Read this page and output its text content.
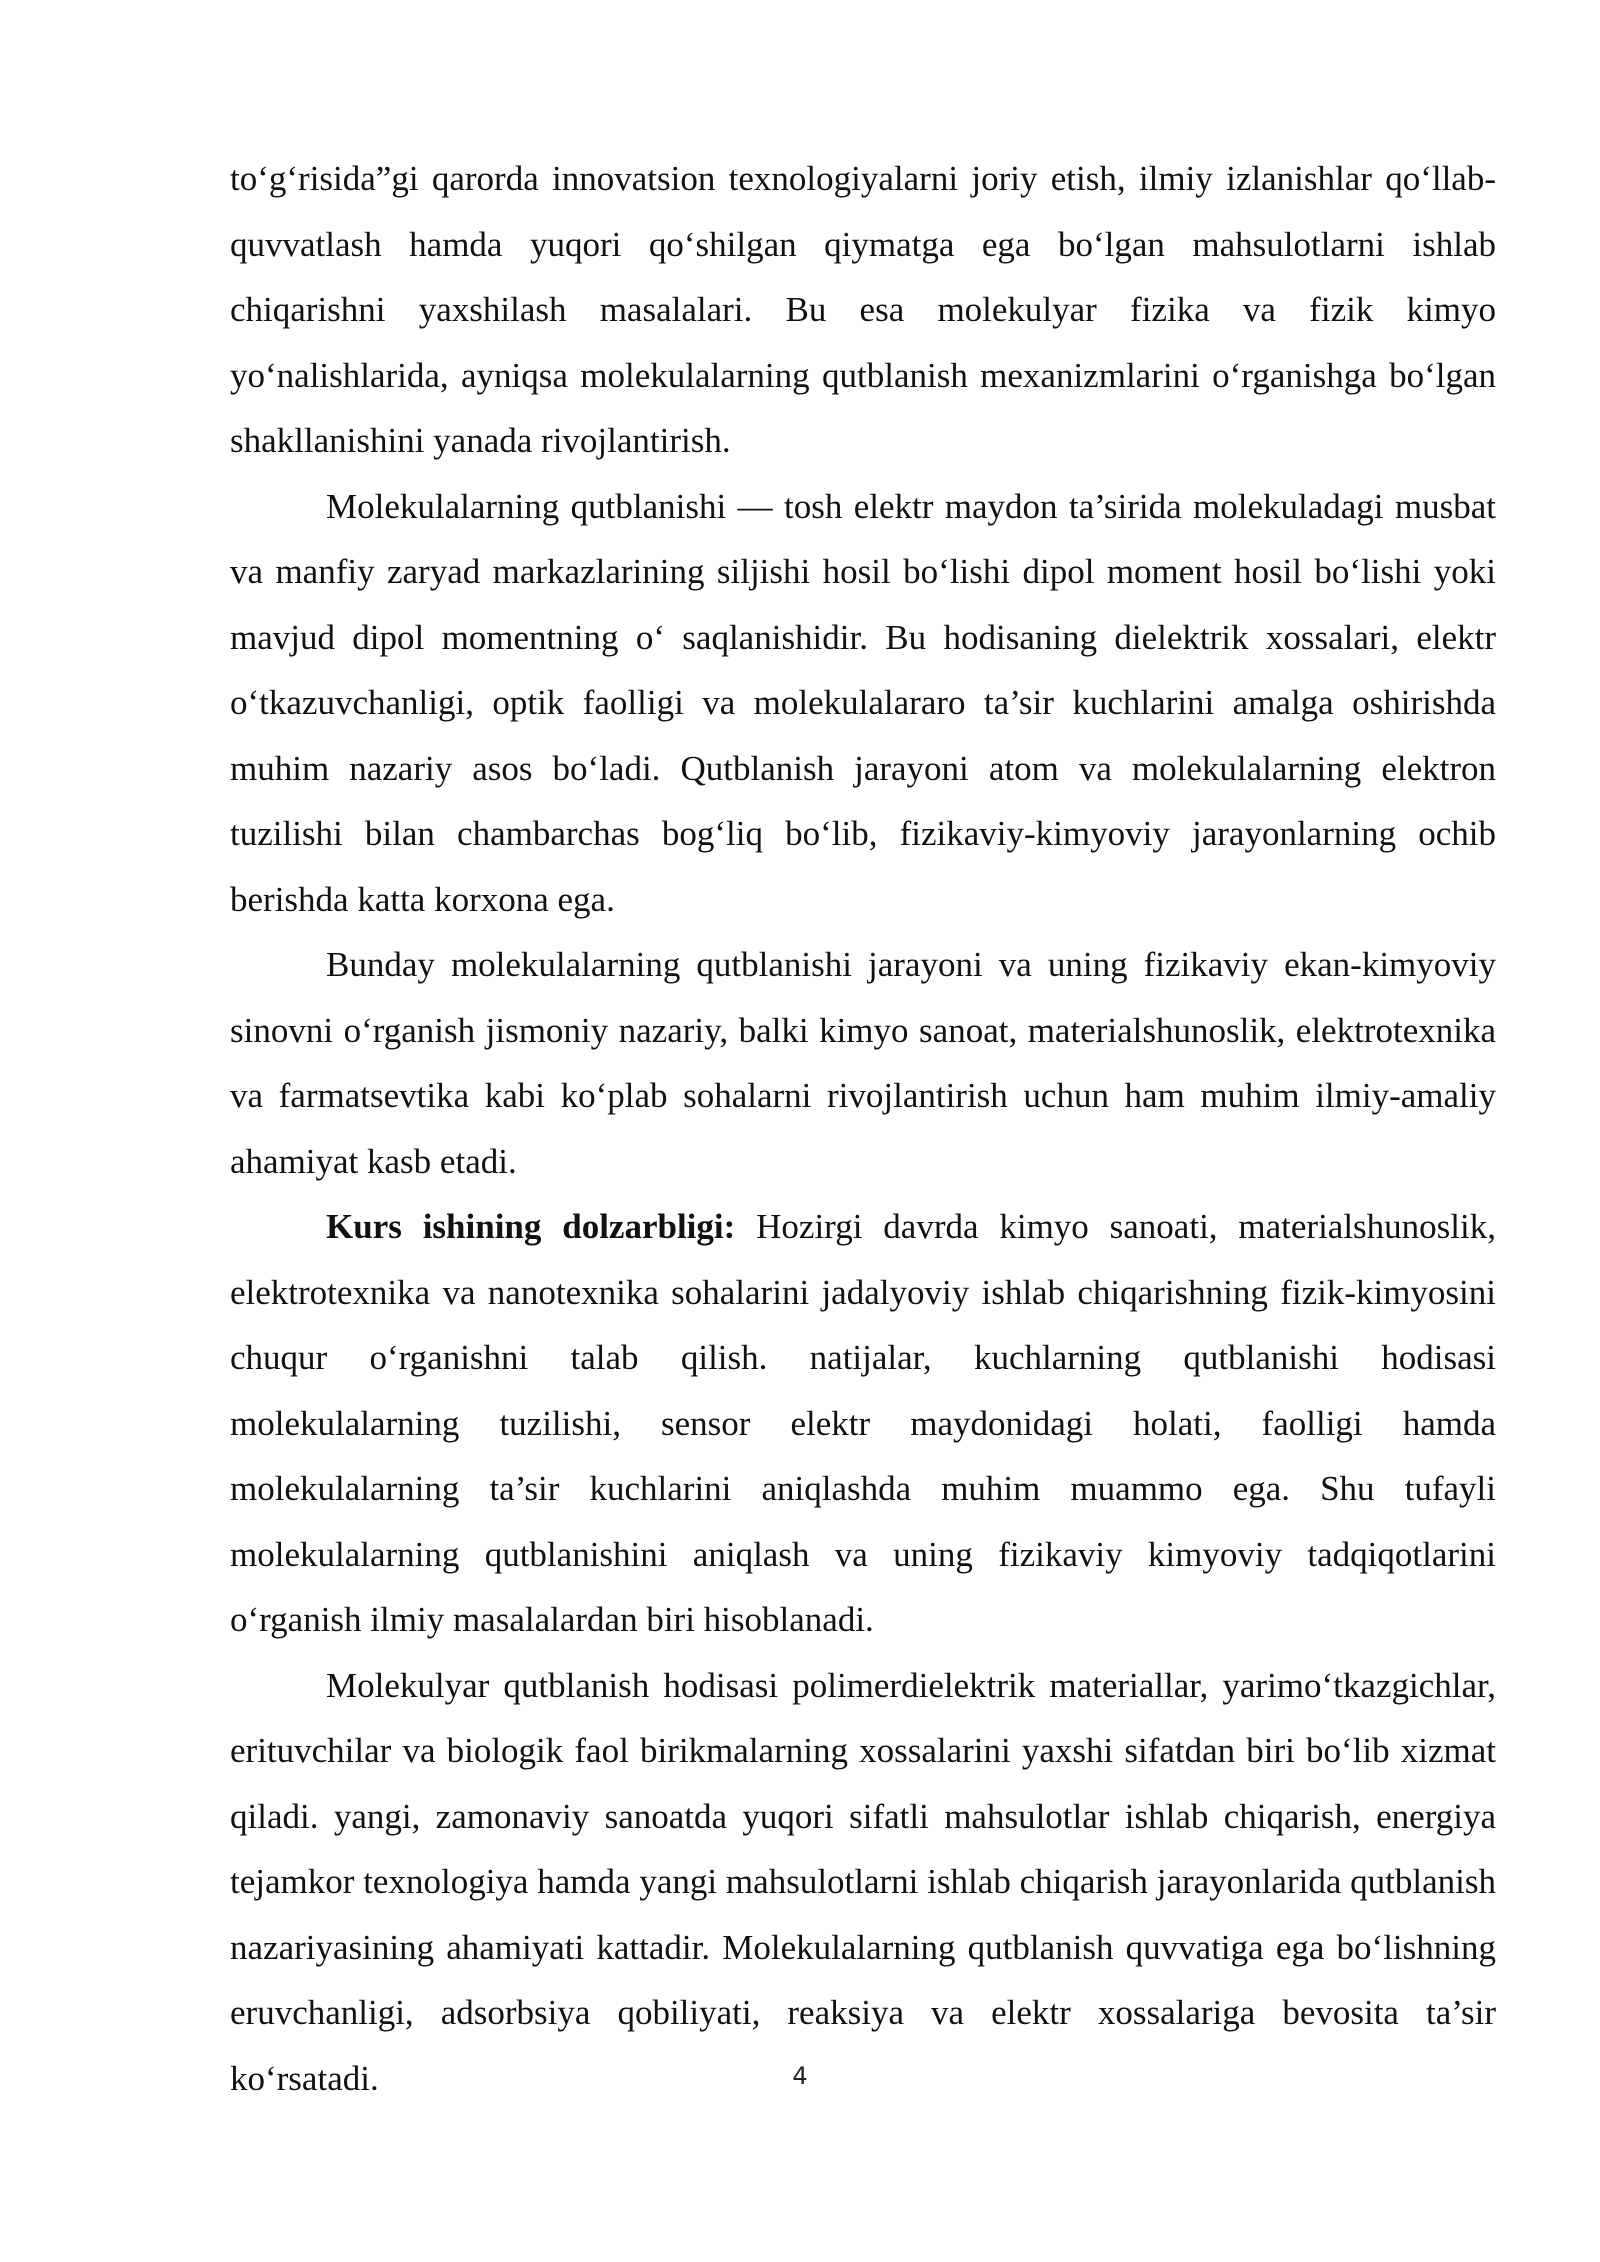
to‘g‘risida”gi qarorda innovatsion texnologiyalarni joriy etish, ilmiy izlanishlar qo‘llab-quvvatlash hamda yuqori qo‘shilgan qiymatga ega bo‘lgan mahsulotlarni ishlab chiqarishni yaxshilash masalalari. Bu esa molekulyar fizika va fizik kimyo yo‘nalishlarida, ayniqsa molekulalarning qutblanish mexanizmlarini o‘rganishga bo‘lgan shakllanishini yanada rivojlantirish.

Molekulalarning qutblanishi — tosh elektr maydon ta’sirida molekuladagi musbat va manfiy zaryad markazlarining siljishi hosil bo‘lishi dipol moment hosil bo‘lishi yoki mavjud dipol momentning o‘ saqlanishidir. Bu hodisaning dielektrik xossalari, elektr o‘tkazuvchanligi, optik faolligi va molekulalararo ta’sir kuchlarini amalga oshirishda muhim nazariy asos bo‘ladi. Qutblanish jarayoni atom va molekulalarning elektron tuzilishi bilan chambarchas bog‘liq bo‘lib, fizikaviy-kimyoviy jarayonlarning ochib berishda katta korxona ega.

Bunday molekulalarning qutblanishi jarayoni va uning fizikaviy ekan-kimyoviy sinovni o‘rganish jismoniy nazariy, balki kimyo sanoat, materialshunoslik, elektrotexnika va farmatsevtika kabi ko‘plab sohalarni rivojlantirish uchun ham muhim ilmiy-amaliy ahamiyat kasb etadi.

Kurs ishining dolzarbligi: Hozirgi davrda kimyo sanoati, materialshunoslik, elektrotexnika va nanotexnika sohalarini jadalyoviy ishlab chiqarishning fizik-kimyosini chuqur o‘rganishni talab qilish. natijalar, kuchlarning qutblanishi hodisasi molekulalarning tuzilishi, sensor elektr maydonidagi holati, faolligi hamda molekulalarning ta’sir kuchlarini aniqlashda muhim muammo ega. Shu tufayli molekulalarning qutblanishini aniqlash va uning fizikaviy kimyoviy tadqiqotlarini o‘rganish ilmiy masalalardan biri hisoblanadi.

Molekulyar qutblanish hodisasi polimerdielektrik materiallar, yarimo‘tkazgichlar, erituvchilar va biologik faol birikmalarning xossalarini yaxshi sifatdan biri bo‘lib xizmat qiladi. yangi, zamonaviy sanoatda yuqori sifatli mahsulotlar ishlab chiqarish, energiya tejamkor texnologiya hamda yangi mahsulotlarni ishlab chiqarish jarayonlarida qutblanish nazariyasining ahamiyati kattadir. Molekulalarning qutblanish quvvatiga ega bo‘lishning eruvchanligi, adsorbsiya qobiliyati, reaksiya va elektr xossalariga bevosita ta’sir ko‘rsatadi.	4
